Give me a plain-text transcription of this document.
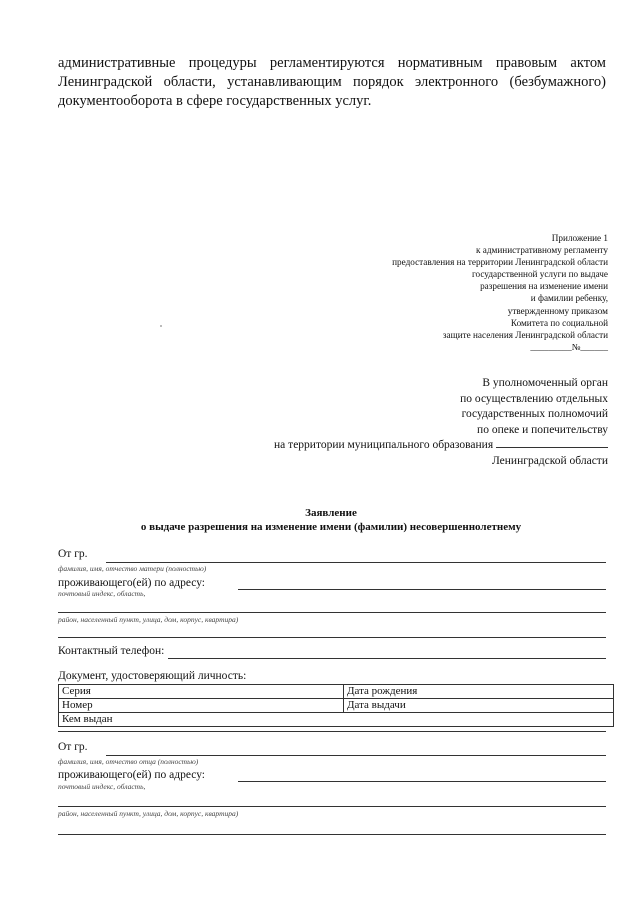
административные процедуры регламентируются нормативным правовым актом
Ленинградской области, устанавливающим порядок электронного (безбумажного)
документооборота в сфере государственных услуг.
Приложение 1
к административному регламенту
предоставления на территории Ленинградской области
государственной услуги по выдаче
разрешения на изменение имени
и фамилии ребенку,
утвержденному приказом
Комитета по социальной
защите населения Ленинградской области
_________№______
В уполномоченный орган
по осуществлению отдельных
государственных полномочий
по опеке и попечительству
на территории муниципального образования
Ленинградской области
Заявление
о выдаче разрешения на изменение имени (фамилии) несовершеннолетнему
От гр.
фамилия, имя, отчество матери (полностью)
проживающего(ей) по адресу:
почтовый индекс, область,
район, населенный пункт, улица, дом, корпус, квартира)
Контактный телефон:
Документ, удостоверяющий личность:
Серия	Дата рождения
Номер	Дата выдачи
Кем выдан	
От гр.
фамилия, имя, отчество отца (полностью)
проживающего(ей) по адресу:
почтовый индекс, область,
район, населенный пункт, улица, дом, корпус, квартира)
